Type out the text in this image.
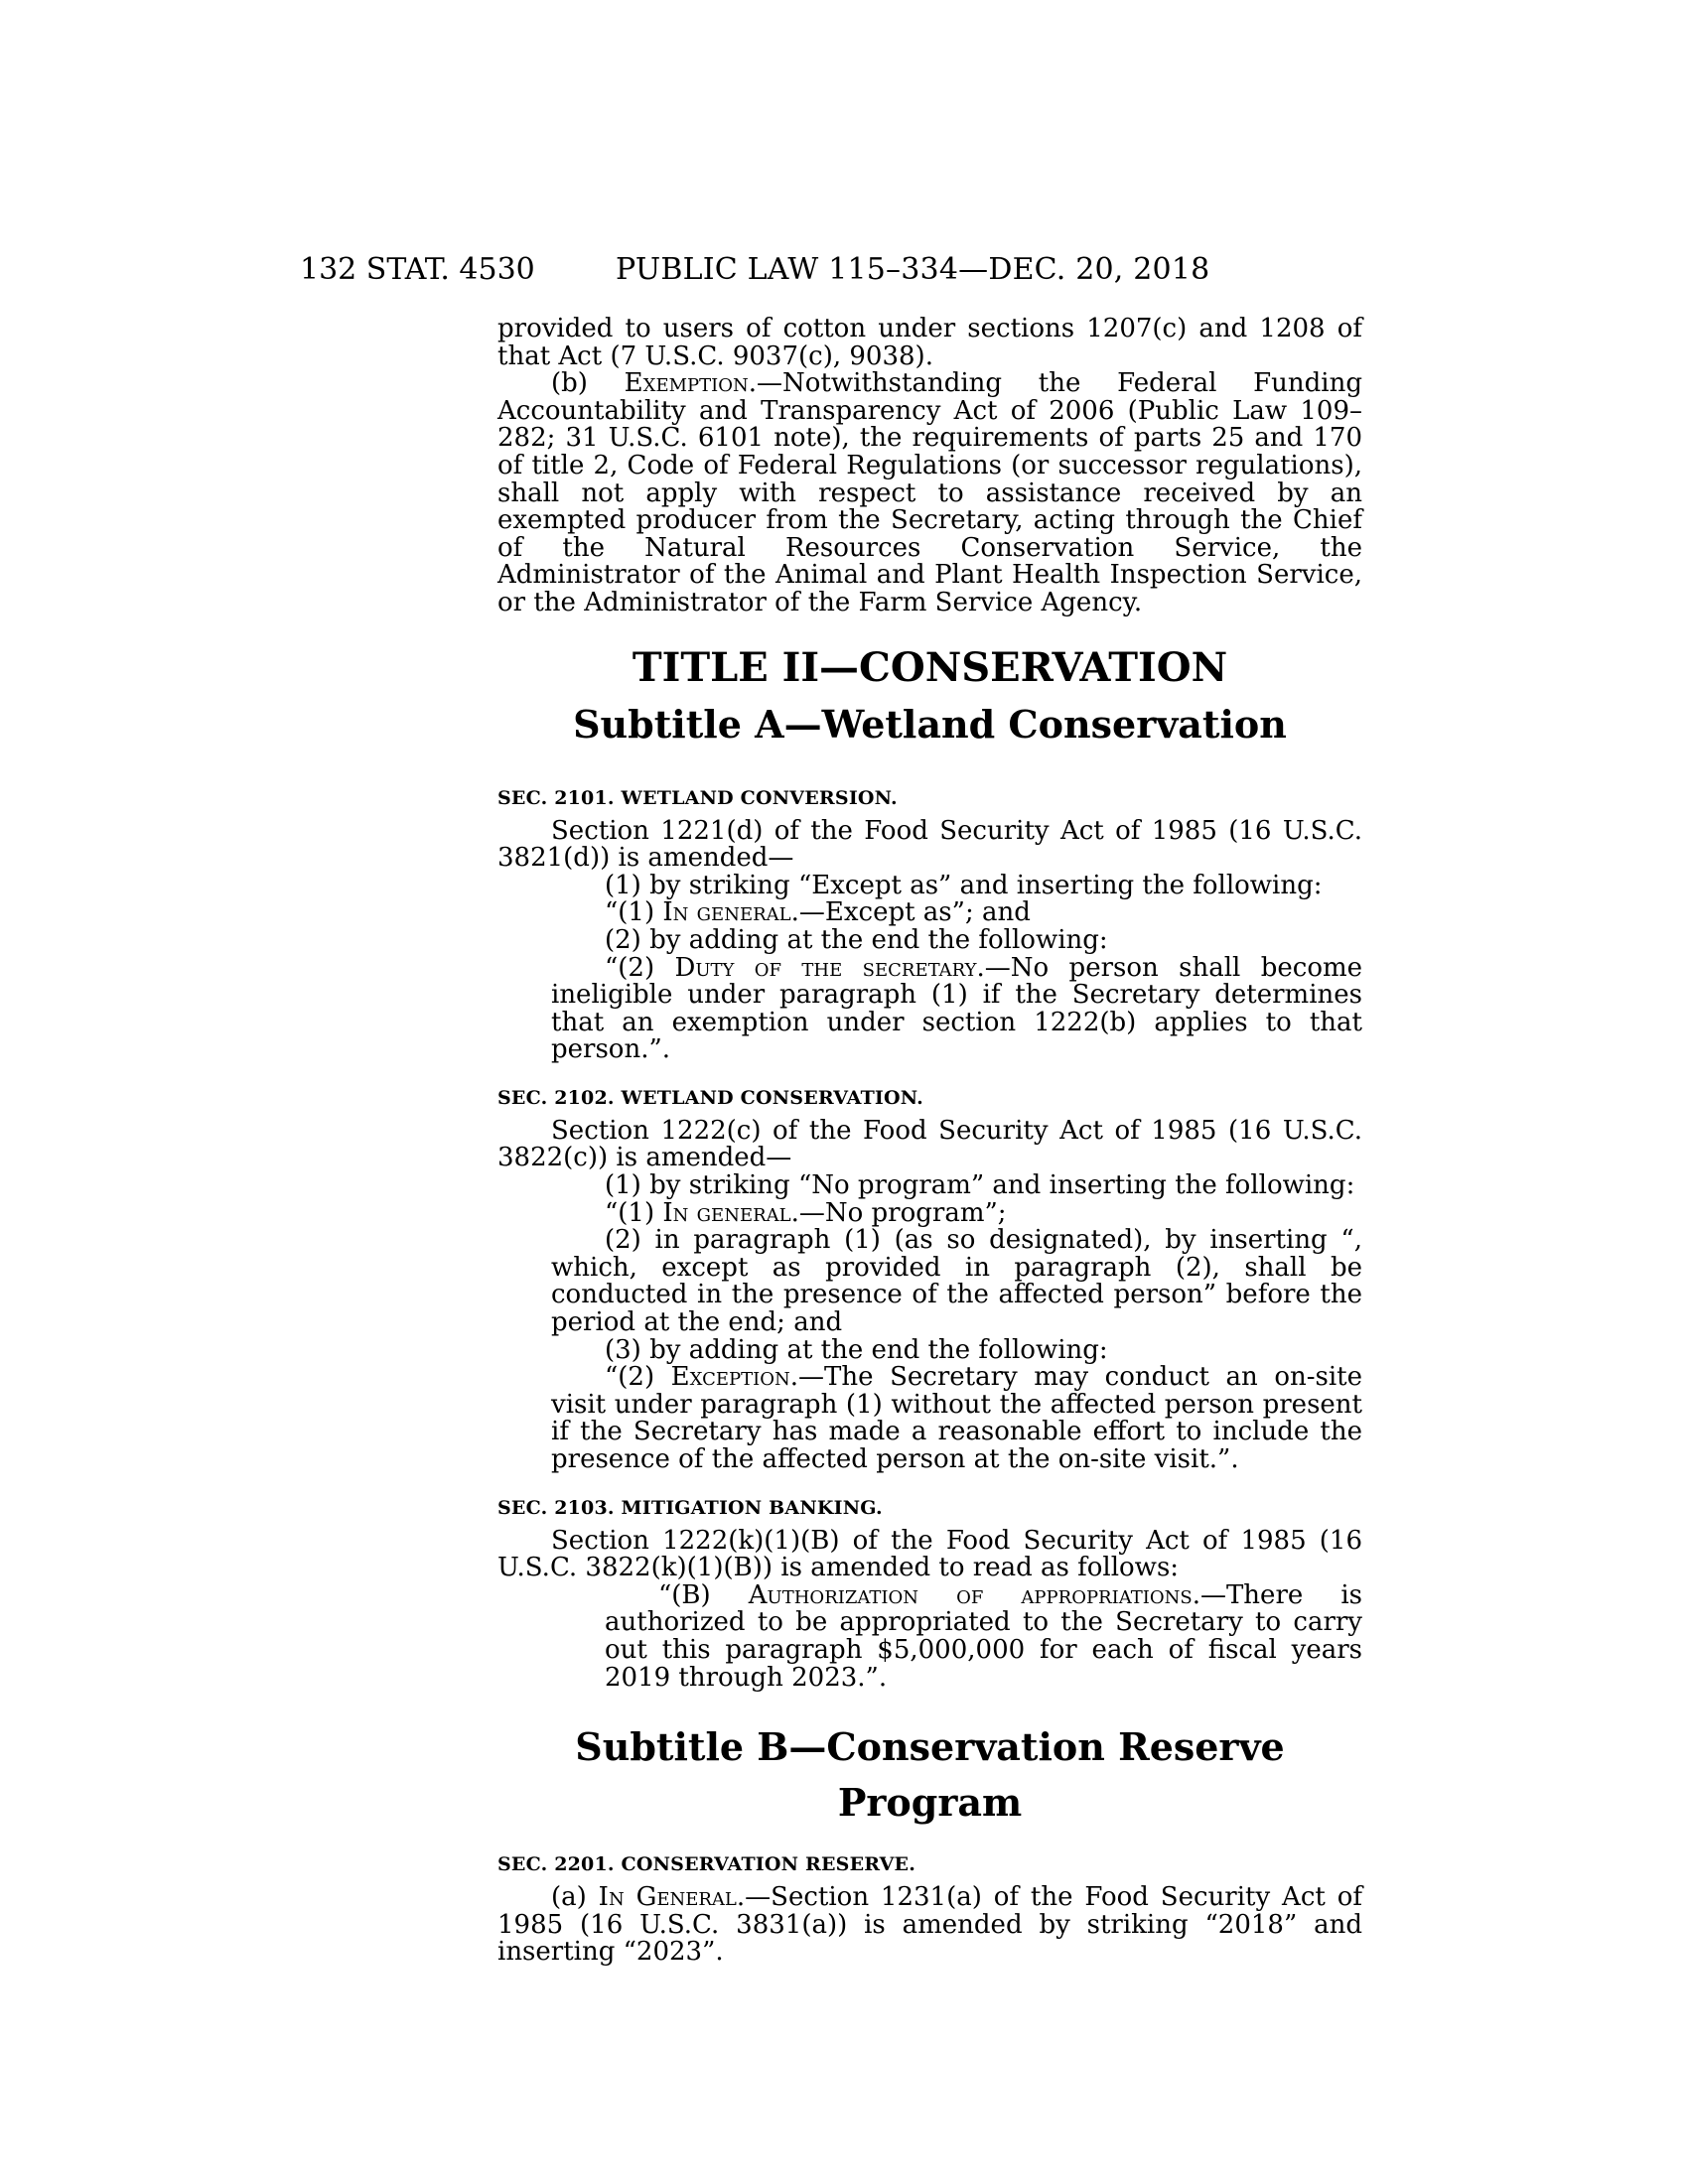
132 STAT. 4530	PUBLIC LAW 115–334—DEC. 20, 2018

provided to users of cotton under sections 1207(c) and 1208 of that Act (7 U.S.C. 9037(c), 9038).

(b) Exemption.—Notwithstanding the Federal Funding Accountability and Transparency Act of 2006 (Public Law 109–282; 31 U.S.C. 6101 note), the requirements of parts 25 and 170 of title 2, Code of Federal Regulations (or successor regulations), shall not apply with respect to assistance received by an exempted producer from the Secretary, acting through the Chief of the Natural Resources Conservation Service, the Administrator of the Animal and Plant Health Inspection Service, or the Administrator of the Farm Service Agency.

TITLE II—CONSERVATION
Subtitle A—Wetland Conservation
SEC. 2101. WETLAND CONVERSION.

Section 1221(d) of the Food Security Act of 1985 (16 U.S.C. 3821(d)) is amended—

(1) by striking “Except as” and inserting the following:

“(1) In general.—Except as”; and

(2) by adding at the end the following:

“(2) Duty of the secretary.—No person shall become ineligible under paragraph (1) if the Secretary determines that an exemption under section 1222(b) applies to that person.”.

SEC. 2102. WETLAND CONSERVATION.

Section 1222(c) of the Food Security Act of 1985 (16 U.S.C. 3822(c)) is amended—

(1) by striking “No program” and inserting the following:

“(1) In general.—No program”;

(2) in paragraph (1) (as so designated), by inserting “, which, except as provided in paragraph (2), shall be conducted in the presence of the affected person” before the period at the end; and

(3) by adding at the end the following:

“(2) Exception.—The Secretary may conduct an on-site visit under paragraph (1) without the affected person present if the Secretary has made a reasonable effort to include the presence of the affected person at the on-site visit.”.

SEC. 2103. MITIGATION BANKING.

Section 1222(k)(1)(B) of the Food Security Act of 1985 (16 U.S.C. 3822(k)(1)(B)) is amended to read as follows:

“(B) Authorization of appropriations.—There is authorized to be appropriated to the Secretary to carry out this paragraph $5,000,000 for each of fiscal years 2019 through 2023.”.

Subtitle B—Conservation Reserve Program
SEC. 2201. CONSERVATION RESERVE.

(a) In General.—Section 1231(a) of the Food Security Act of 1985 (16 U.S.C. 3831(a)) is amended by striking “2018” and inserting “2023”.
